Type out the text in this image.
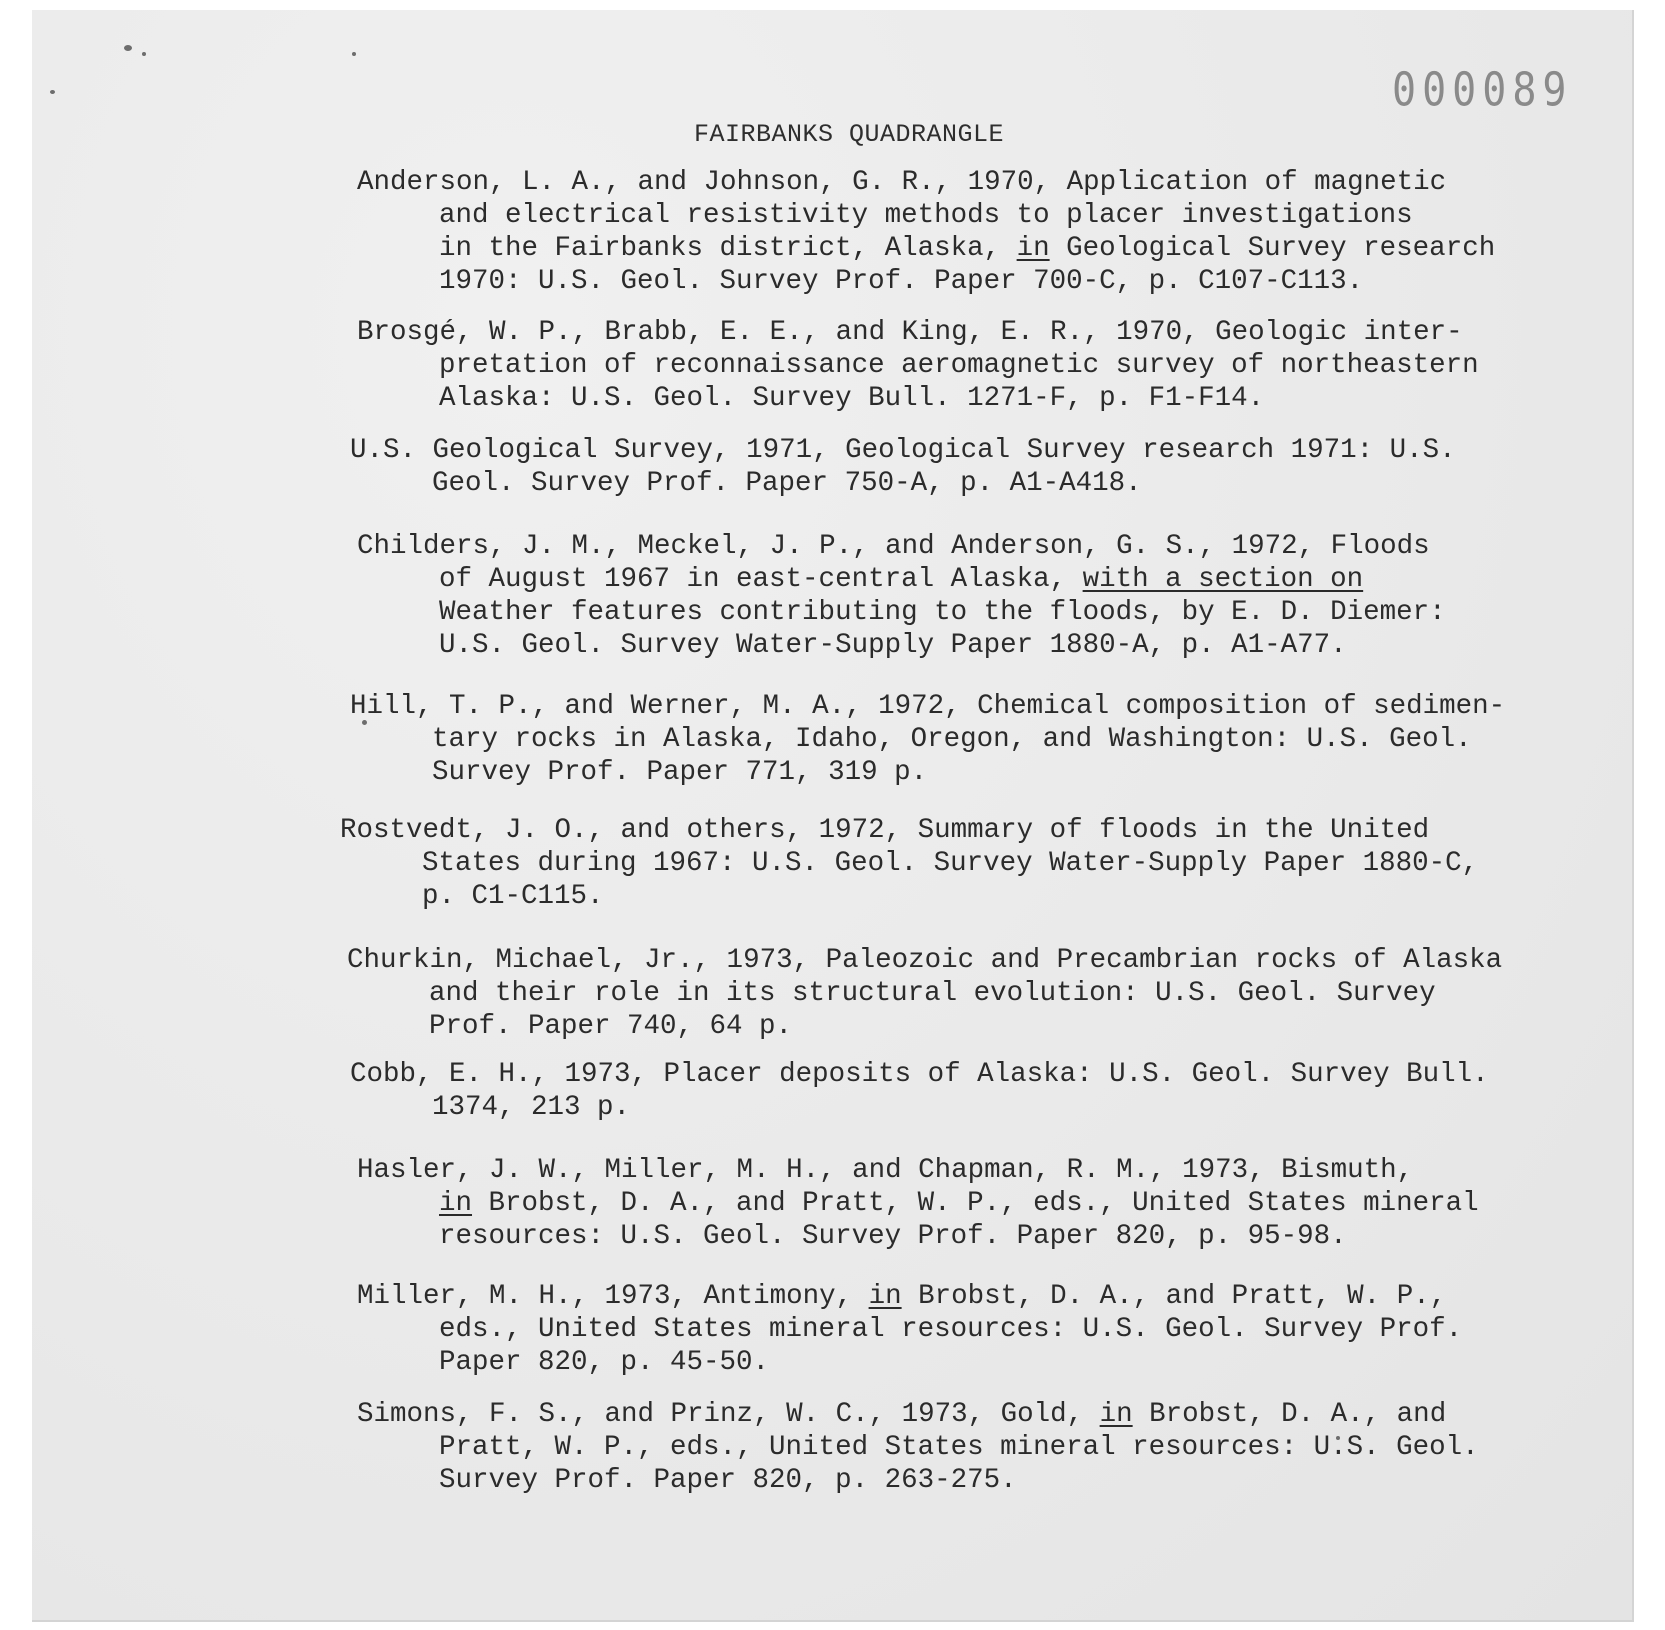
000089
FAIRBANKS QUADRANGLE
Anderson, L. A., and Johnson, G. R., 1970, Application of magnetic
and electrical resistivity methods to placer investigations
in the Fairbanks district, Alaska, in Geological Survey research
1970: U.S. Geol. Survey Prof. Paper 700-C, p. C107-C113.
Brosgé, W. P., Brabb, E. E., and King, E. R., 1970, Geologic inter-
pretation of reconnaissance aeromagnetic survey of northeastern
Alaska: U.S. Geol. Survey Bull. 1271-F, p. F1-F14.
U.S. Geological Survey, 1971, Geological Survey research 1971: U.S.
Geol. Survey Prof. Paper 750-A, p. A1-A418.
Childers, J. M., Meckel, J. P., and Anderson, G. S., 1972, Floods
of August 1967 in east-central Alaska, with a section on
Weather features contributing to the floods, by E. D. Diemer:
U.S. Geol. Survey Water-Supply Paper 1880-A, p. A1-A77.
Hill, T. P., and Werner, M. A., 1972, Chemical composition of sedimen-
tary rocks in Alaska, Idaho, Oregon, and Washington: U.S. Geol.
Survey Prof. Paper 771, 319 p.
Rostvedt, J. O., and others, 1972, Summary of floods in the United
States during 1967: U.S. Geol. Survey Water-Supply Paper 1880-C,
p. C1-C115.
Churkin, Michael, Jr., 1973, Paleozoic and Precambrian rocks of Alaska
and their role in its structural evolution: U.S. Geol. Survey
Prof. Paper 740, 64 p.
Cobb, E. H., 1973, Placer deposits of Alaska: U.S. Geol. Survey Bull.
1374, 213 p.
Hasler, J. W., Miller, M. H., and Chapman, R. M., 1973, Bismuth,
in Brobst, D. A., and Pratt, W. P., eds., United States mineral
resources: U.S. Geol. Survey Prof. Paper 820, p. 95-98.
Miller, M. H., 1973, Antimony, in Brobst, D. A., and Pratt, W. P.,
eds., United States mineral resources: U.S. Geol. Survey Prof.
Paper 820, p. 45-50.
Simons, F. S., and Prinz, W. C., 1973, Gold, in Brobst, D. A., and
Pratt, W. P., eds., United States mineral resources: U.S. Geol.
Survey Prof. Paper 820, p. 263-275.
